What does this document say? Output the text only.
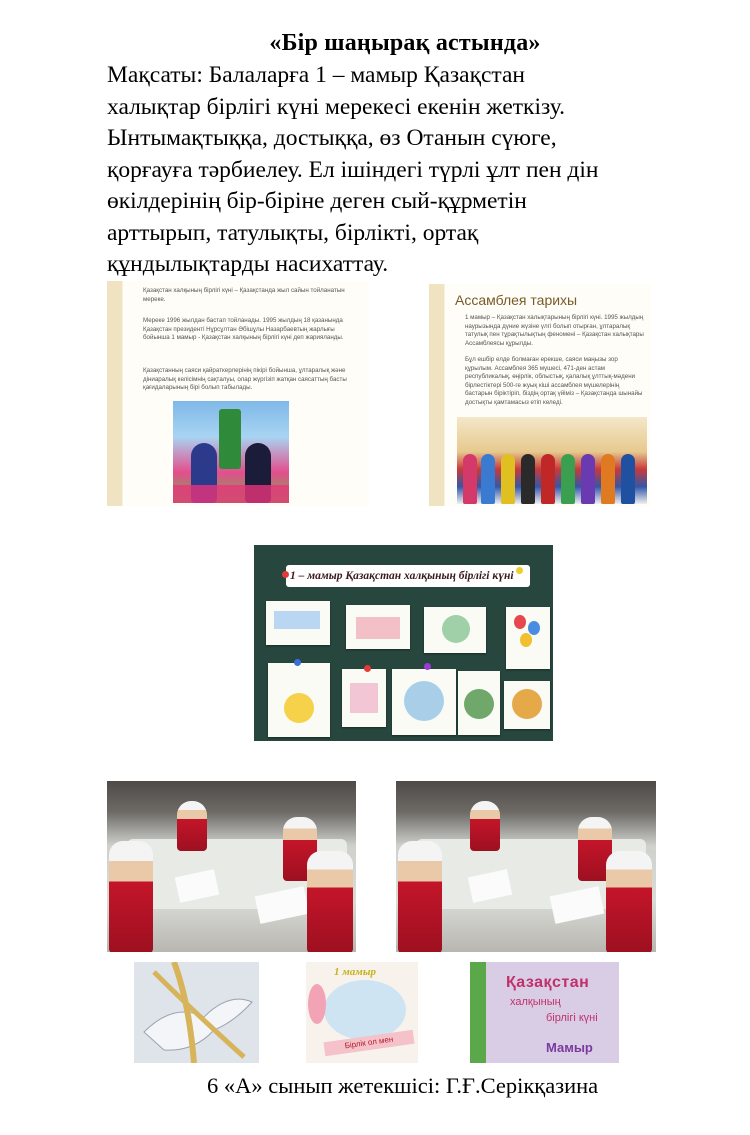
«Бір шаңырақ астында»

Мақсаты: Балаларға 1 – мамыр Қазақстан

халықтар бірлігі күні мерекесі екенін жеткізу.

Ынтымақтыққа, достыққа, өз Отанын сүюге,

қорғауға тәрбиелеу. Ел ішіндегі түрлі ұлт пен дін

өкілдерінің бір-біріне деген сый-құрметін

арттырып, татулықты, бірлікті, ортақ

құндылықтарды насихаттау.

Қазақстан халқының бірлігі күні – Қазақстанда жыл сайын тойланатын мереке.
Мереке 1996 жылдан бастап тойланады. 1995 жылдың 18 қазанында Қазақстан президенті Нұрсұлтан Әбішұлы Назарбаевтың жарлығы бойынша 1 мамыр - Қазақстан халқының бірлігі күні деп жарияланды.
Қазақстанның саяси қайраткерлерінің пікірі бойынша, ұлтаралық және діниаралық келісімнің сақталуы, олар жүргізіп жатқан саясаттың басты қағидаларының бірі болып табылады.
Ассамблея тарихы
1 мамыр – Қазақстан халықтарының бірлігі күні. 1995 жылдың наурызында дүние жүзіне үлгі болып отырған, ұлтаралық татулық пен тұрақтылықтың феномені – Қазақстан халықтары Ассамблеясы құрылды.
Бұл ешбір елде болмаған ерекше, саяси маңызы зор құрылым. Ассамблея 365 мүшесі, 471-ден астам республикалық, өңірлік, облыстық, қалалық ұлттық-мәдени бірлестіктері 500-ге жуық кіші ассамблея мүшелерінің бастарын біріктіріп, біздің ортақ үйіміз – Қазақстанда шынайы достықты қамтамасыз етіп келеді.
1 – мамыр Қазақстан халқының бірлігі күні
1 мамыр
Бірлік ол мен
Қазақстан
халқының
бірлігі күні
Мамыр
6 «А» сынып жетекшісі: Г.Ғ.Серікқазина
